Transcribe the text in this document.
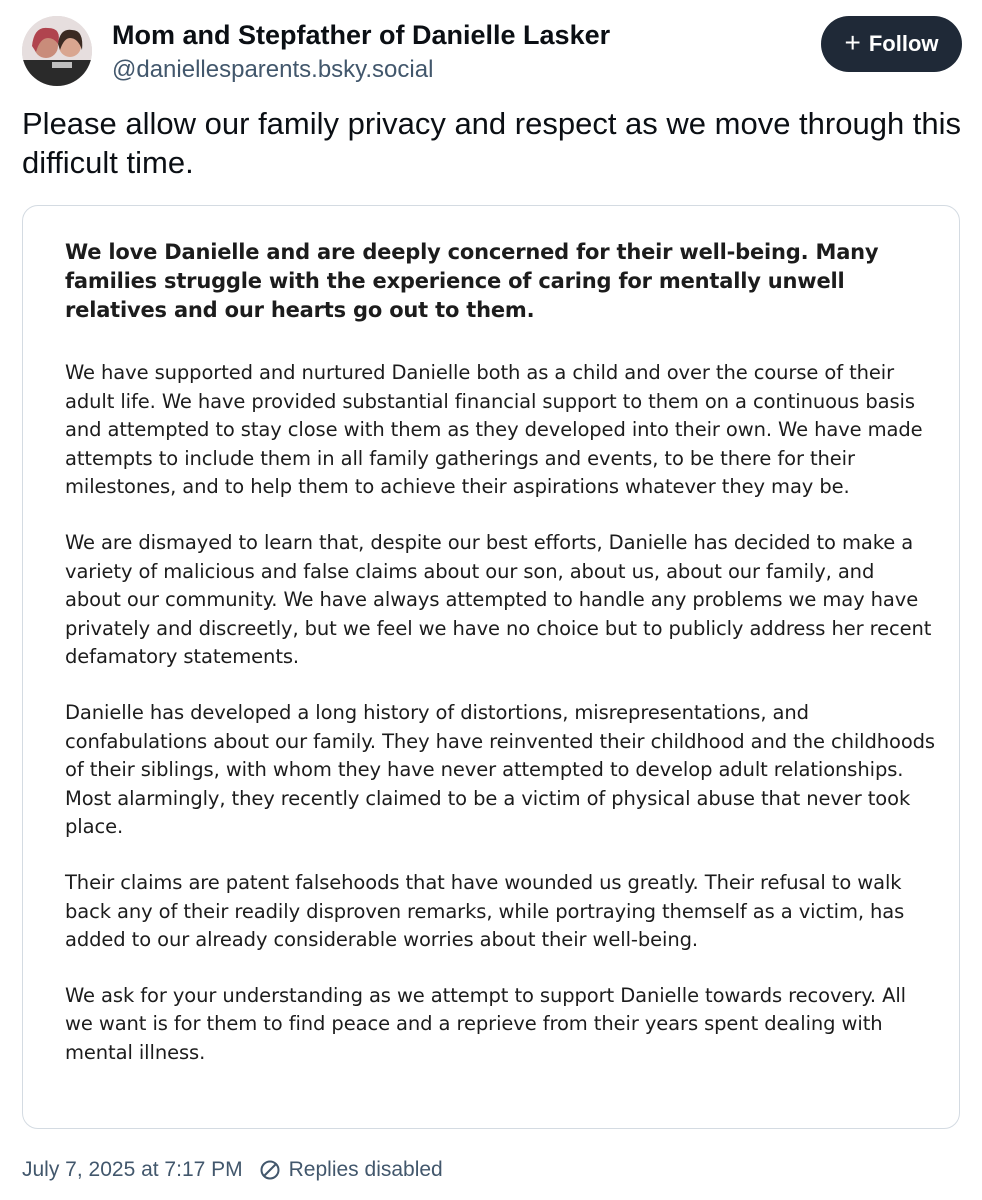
Mom and Stepfather of Danielle Lasker
@daniellesparents.bsky.social
+ Follow
Please allow our family privacy and respect as we move through this difficult time.

We love Danielle and are deeply concerned for their well-being. Many families struggle with the experience of caring for mentally unwell relatives and our hearts go out to them.

We have supported and nurtured Danielle both as a child and over the course of their adult life. We have provided substantial financial support to them on a continuous basis and attempted to stay close with them as they developed into their own. We have made attempts to include them in all family gatherings and events, to be there for their milestones, and to help them to achieve their aspirations whatever they may be.

We are dismayed to learn that, despite our best efforts, Danielle has decided to make a variety of malicious and false claims about our son, about us, about our family, and about our community. We have always attempted to handle any problems we may have privately and discreetly, but we feel we have no choice but to publicly address her recent defamatory statements.

Danielle has developed a long history of distortions, misrepresentations, and confabulations about our family. They have reinvented their childhood and the childhoods of their siblings, with whom they have never attempted to develop adult relationships. Most alarmingly, they recently claimed to be a victim of physical abuse that never took place.

Their claims are patent falsehoods that have wounded us greatly. Their refusal to walk back any of their readily disproven remarks, while portraying themself as a victim, has added to our already considerable worries about their well-being.

We ask for your understanding as we attempt to support Danielle towards recovery. All we want is for them to find peace and a reprieve from their years spent dealing with mental illness.

July 7, 2025 at 7:17 PM Replies disabled
